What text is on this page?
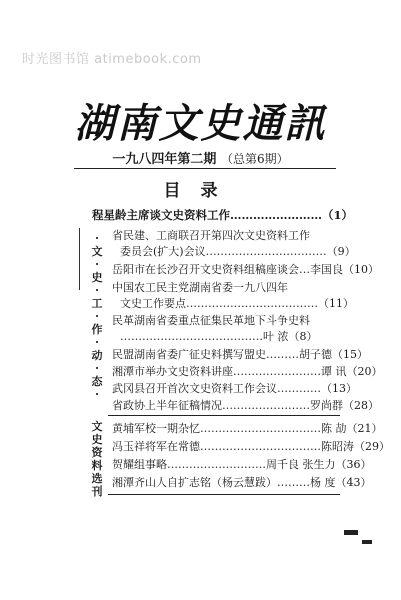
时光图书馆 atimebook.com
湖南文史通訊
一九八四年第二期 （总第6期）
目录
·
文
·
史
·
工
·
作
·
动
·
态
·
文
史
资
料
选
刊
程星龄主席谈文史资料工作……………………（1）
省民建、工商联召开第四次文史资料工作
委员会(扩大)会议……………………………（9）
岳阳市在长沙召开文史资料组稿座谈会…李国良（10）
中国农工民主党湖南省委一九八四年
文史工作要点………………………………（11）
民革湖南省委重点征集民革地下斗争史料
…………………………………叶 浓（8）
民盟湖南省委广征史料撰写盟史………胡子德（15）
湘潭市举办文史资料讲座……………………谭 讯（20）
武冈县召开首次文史资料工作会议…………（13）
省政协上半年征稿情况……………………罗尚群（28）
黄埔军校一期杂忆……………………………陈 劼（21）
冯玉祥将军在常德……………………………陈昭涛（29）
贺耀组事略………………………周千良 张生力（36）
湘潭齐山人自扩志铭（杨云慧跋）………杨 度（43）
